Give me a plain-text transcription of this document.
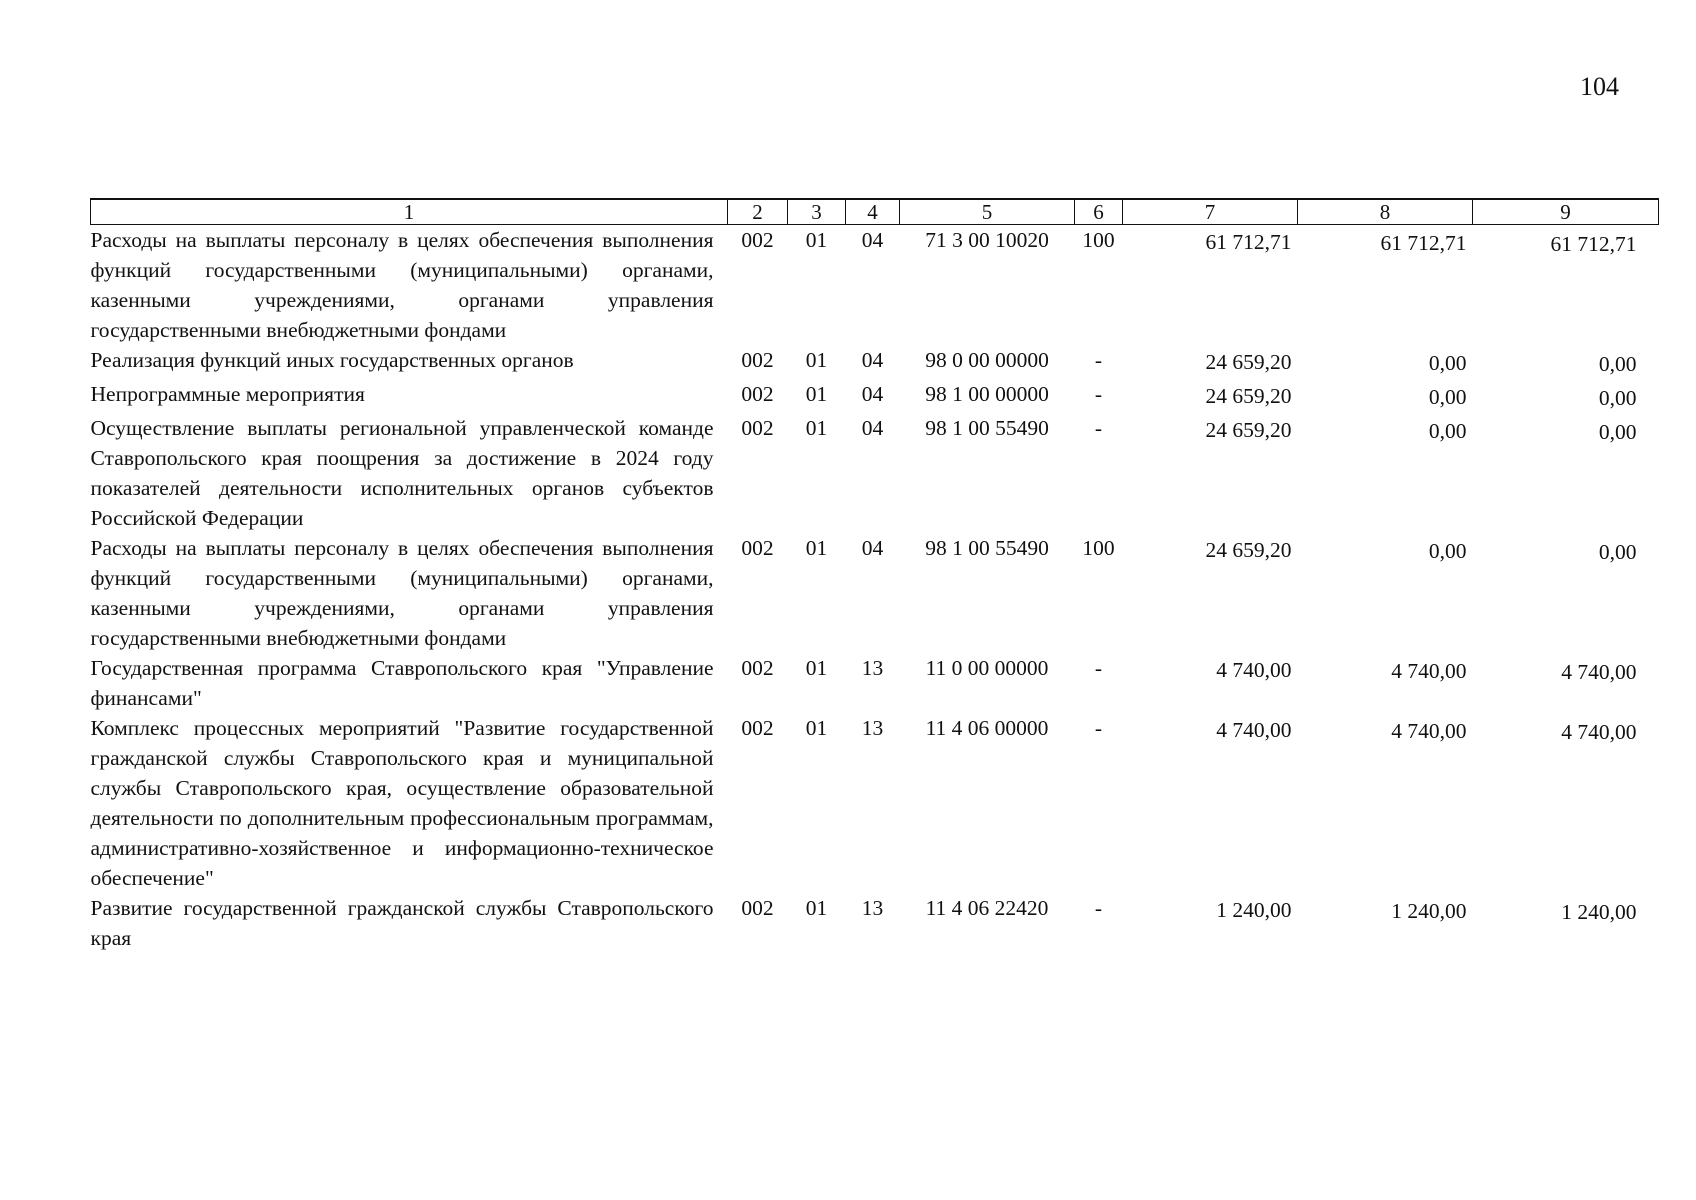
104
1	2	3	4	5	6	7	8	9
Расходы на выплаты персоналу в целях обеспечения выполнения функций государственными (муниципальными) органами, казенными учреждениями, органами управления государственными внебюджетными фондами	002	01	04	71 3 00 10020	100	61 712,71	61 712,71	61 712,71
Реализация функций иных государственных органов	002	01	04	98 0 00 00000	-	24 659,20	0,00	0,00
Непрограммные мероприятия	002	01	04	98 1 00 00000	-	24 659,20	0,00	0,00
Осуществление выплаты региональной управленческой команде Ставропольского края поощрения за достижение в 2024 году показателей деятельности исполнительных органов субъектов Российской Федерации	002	01	04	98 1 00 55490	-	24 659,20	0,00	0,00
Расходы на выплаты персоналу в целях обеспечения выполнения функций государственными (муниципальными) органами, казенными учреждениями, органами управления государственными внебюджетными фондами	002	01	04	98 1 00 55490	100	24 659,20	0,00	0,00
Государственная программа Ставропольского края "Управление финансами"	002	01	13	11 0 00 00000	-	4 740,00	4 740,00	4 740,00
Комплекс процессных мероприятий "Развитие государственной гражданской службы Ставропольского края и муниципальной службы Ставропольского края, осуществление образовательной деятельности по дополнительным профессиональным программам, административно-хозяйственное и информационно-техническое обеспечение"	002	01	13	11 4 06 00000	-	4 740,00	4 740,00	4 740,00
Развитие государственной гражданской службы Ставропольского края	002	01	13	11 4 06 22420	-	1 240,00	1 240,00	1 240,00
